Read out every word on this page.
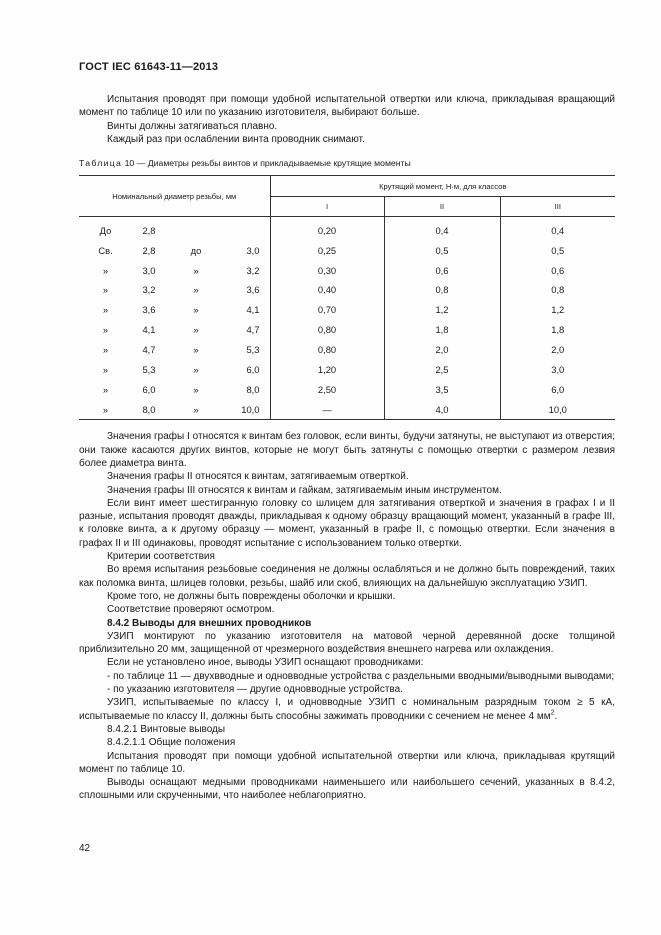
ГОСТ IEC 61643-11—2013

Испытания проводят при помощи удобной испытательной отвертки или ключа, прикладывая вращающий момент по таблице 10 или по указанию изготовителя, выбирают больше.

Винты должны затягиваться плавно.

Каждый раз при ослаблении винта проводник снимают.

Таблица 10 — Диаметры резьбы винтов и прикладываемые крутящие моменты
Номинальный диаметр резьбы, мм				Крутящий момент, Н·м, для классов		
				I	II	III
До	2,8			0,20	0,4	0,4
Св.	2,8	до	3,0	0,25	0,5	0,5
»	3,0	»	3,2	0,30	0,6	0,6
»	3,2	»	3,6	0,40	0,8	0,8
»	3,6	»	4,1	0,70	1,2	1,2
»	4,1	»	4,7	0,80	1,8	1,8
»	4,7	»	5,3	0,80	2,0	2,0
»	5,3	»	6,0	1,20	2,5	3,0
»	6,0	»	8,0	2,50	3,5	6,0
»	8,0	»	10,0	—	4,0	10,0

Значения графы I относятся к винтам без головок, если винты, будучи затянуты, не выступают из отверстия; они также касаются других винтов, которые не могут быть затянуты с помощью отвертки с размером лезвия более диаметра винта.

Значения графы II относятся к винтам, затягиваемым отверткой.

Значения графы III относятся к винтам и гайкам, затягиваемым иным инструментом.

Если винт имеет шестигранную головку со шлицем для затягивания отверткой и значения в графах I и II разные, испытания проводят дважды, прикладывая к одному образцу вращающий момент, указанный в графе III, к головке винта, а к другому образцу — момент, указанный в графе II, с помощью отвертки. Если значения в графах II и III одинаковы, проводят испытание с использованием только отвертки.

Критерии соответствия

Во время испытания резьбовые соединения не должны ослабляться и не должно быть повреждений, таких как поломка винта, шлицев головки, резьбы, шайб или скоб, влияющих на дальнейшую эксплуатацию УЗИП.

Кроме того, не должны быть повреждены оболочки и крышки.

Соответствие проверяют осмотром.

8.4.2 Выводы для внешних проводников

УЗИП монтируют по указанию изготовителя на матовой черной деревянной доске толщиной приблизительно 20 мм, защищенной от чрезмерного воздействия внешнего нагрева или охлаждения.

Если не установлено иное, выводы УЗИП оснащают проводниками:

- по таблице 11 — двухвводные и одновводные устройства с раздельными вводными/выводными выводами;

- по указанию изготовителя — другие одновводные устройства.

УЗИП, испытываемые по классу I, и одновводные УЗИП с номинальным разрядным током ≥ 5 кА, испытываемые по классу II, должны быть способны зажимать проводники с сечением не менее 4 $мм^2$.

8.4.2.1 Винтовые выводы

8.4.2.1.1 Общие положения

Испытания проводят при помощи удобной испытательной отвертки или ключа, прикладывая крутящий момент по таблице 10.

Выводы оснащают медными проводниками наименьшего или наибольшего сечений, указанных в 8.4.2, сплошными или скрученными, что наиболее неблагоприятно.

42
